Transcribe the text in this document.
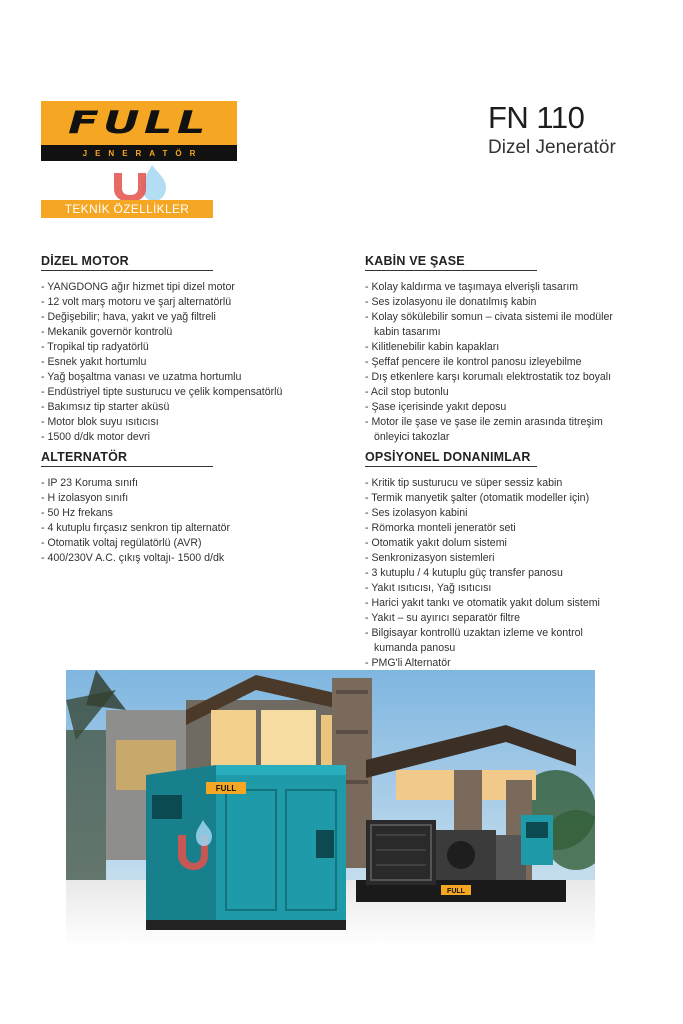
FULL
JENERATÖR
TEKNİK ÖZELLİKLER
FN 110
Dizel Jeneratör
DİZEL MOTOR
- YANGDONG ağır hizmet tipi dizel motor
- 12 volt marş motoru ve şarj alternatörlü
- Değişebilir; hava, yakıt ve yağ filtreli
- Mekanik governör kontrolü
- Tropikal tip radyatörlü
- Esnek yakıt hortumlu
- Yağ boşaltma vanası ve uzatma hortumlu
- Endüstriyel tipte susturucu ve çelik kompensatörlü
- Bakımsız tip starter aküsü
- Motor blok suyu ısıtıcısı
- 1500 d/dk motor devri
ALTERNATÖR
- IP 23 Koruma sınıfı
- H izolasyon sınıfı
- 50 Hz frekans
- 4 kutuplu fırçasız senkron tip alternatör
- Otomatik voltaj regülatörlü (AVR)
- 400/230V A.C. çıkış voltajı- 1500 d/dk
KABİN VE ŞASE
- Kolay kaldırma ve taşımaya elverişli tasarım
- Ses izolasyonu ile donatılmış kabin
- Kolay sökülebilir somun – civata sistemi ile modüler
kabin tasarımı
- Kilitlenebilir kabin kapakları
- Şeffaf pencere ile kontrol panosu izleyebilme
- Dış etkenlere karşı korumalı elektrostatik toz boyalı
- Acil stop butonlu
- Şase içerisinde yakıt deposu
- Motor ile şase ve şase ile zemin arasında titreşim
önleyici takozlar
OPSİYONEL DONANIMLAR
- Kritik tip susturucu ve süper sessiz kabin
- Termik manyetik şalter (otomatik modeller için)
- Ses izolasyon kabini
- Römorka monteli jeneratör seti
- Otomatik yakıt dolum sistemi
- Senkronizasyon sistemleri
- 3 kutuplu / 4 kutuplu güç transfer panosu
- Yakıt ısıtıcısı, Yağ ısıtıcısı
- Harici yakıt tankı ve otomatik yakıt dolum sistemi
- Yakıt – su ayırıcı separatör filtre
- Bilgisayar kontrollü uzaktan izleme ve kontrol
kumanda panosu
- PMG'li Alternatör
FULL
FULL
